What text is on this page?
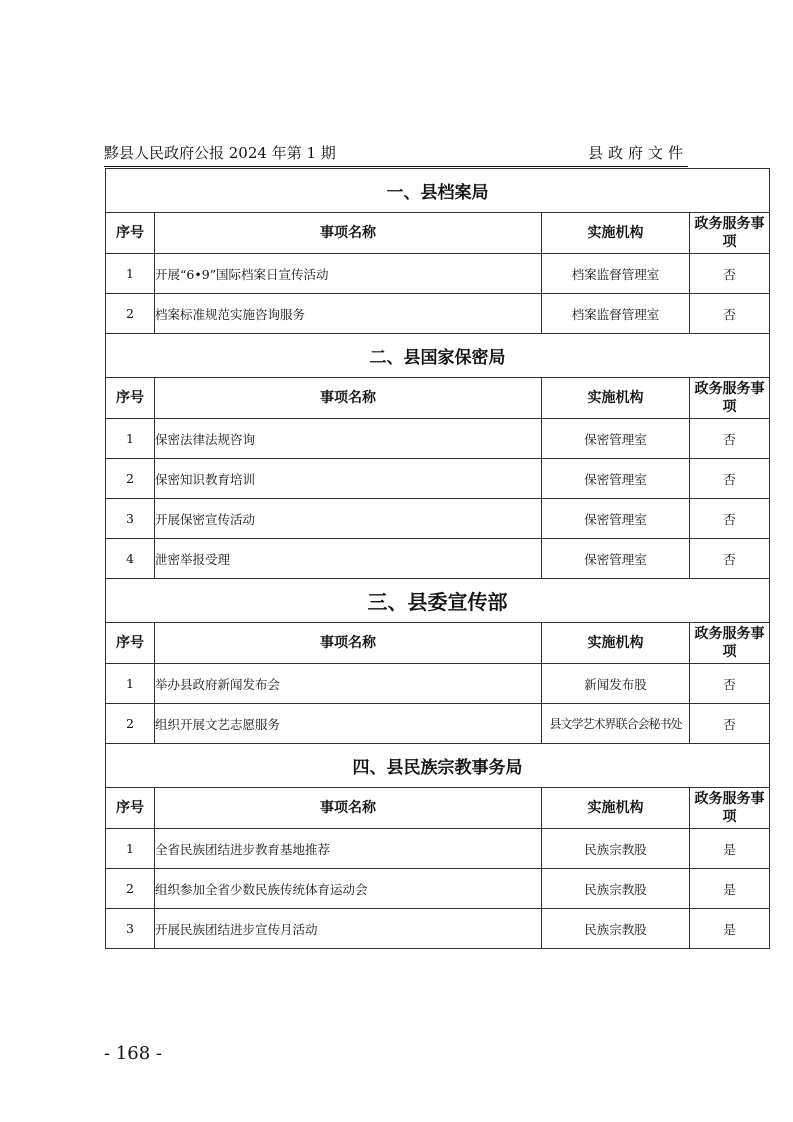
黟县人民政府公报 2024 年第 1 期	县政府文件
一、县档案局			
序号	事项名称	实施机构	政务服务事项
1	开展“6•9”国际档案日宣传活动	档案监督管理室	否
2	档案标准规范实施咨询服务	档案监督管理室	否
二、县国家保密局			
序号	事项名称	实施机构	政务服务事项
1	保密法律法规咨询	保密管理室	否
2	保密知识教育培训	保密管理室	否
3	开展保密宣传活动	保密管理室	否
4	泄密举报受理	保密管理室	否
三、县委宣传部			
序号	事项名称	实施机构	政务服务事项
1	举办县政府新闻发布会	新闻发布股	否
2	组织开展文艺志愿服务	县文学艺术界联合会秘书处	否
四、县民族宗教事务局			
序号	事项名称	实施机构	政务服务事项
1	全省民族团结进步教育基地推荐	民族宗教股	是
2	组织参加全省少数民族传统体育运动会	民族宗教股	是
3	开展民族团结进步宣传月活动	民族宗教股	是
- 168 -
